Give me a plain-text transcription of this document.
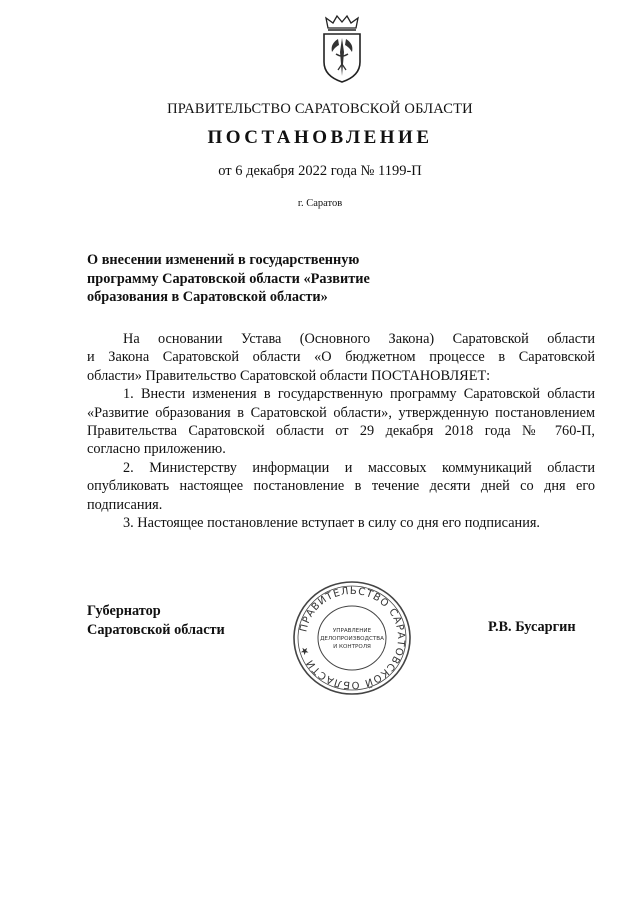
ПРАВИТЕЛЬСТВО САРАТОВСКОЙ ОБЛАСТИ
ПОСТАНОВЛЕНИЕ
от 6 декабря 2022 года № 1199-П
г. Саратов
О внесении изменений в государственную
программу Саратовской области «Развитие
образования в Саратовской области»
На основании Устава (Основного Закона) Саратовской области
и Закона Саратовской области «О бюджетном процессе в Саратовской
области» Правительство Саратовской области ПОСТАНОВЛЯЕТ:
1. Внести изменения в государственную программу Саратовской области
«Развитие образования в Саратовской области», утвержденную постановлением
Правительства Саратовской области от 29 декабря 2018 года № 760-П,
согласно приложению.
2. Министерству информации и массовых коммуникаций области
опубликовать настоящее постановление в течение десяти дней со дня его
подписания.
3. Настоящее постановление вступает в силу со дня его подписания.
Губернатор
Саратовской области	Р.В. Бусаргин
ПРАВИТЕЛЬСТВО САРАТОВСКОЙ ОБЛАСТИ ★
УПРАВЛЕНИЕ
ДЕЛОПРОИЗВОДСТВА
И КОНТРОЛЯ
